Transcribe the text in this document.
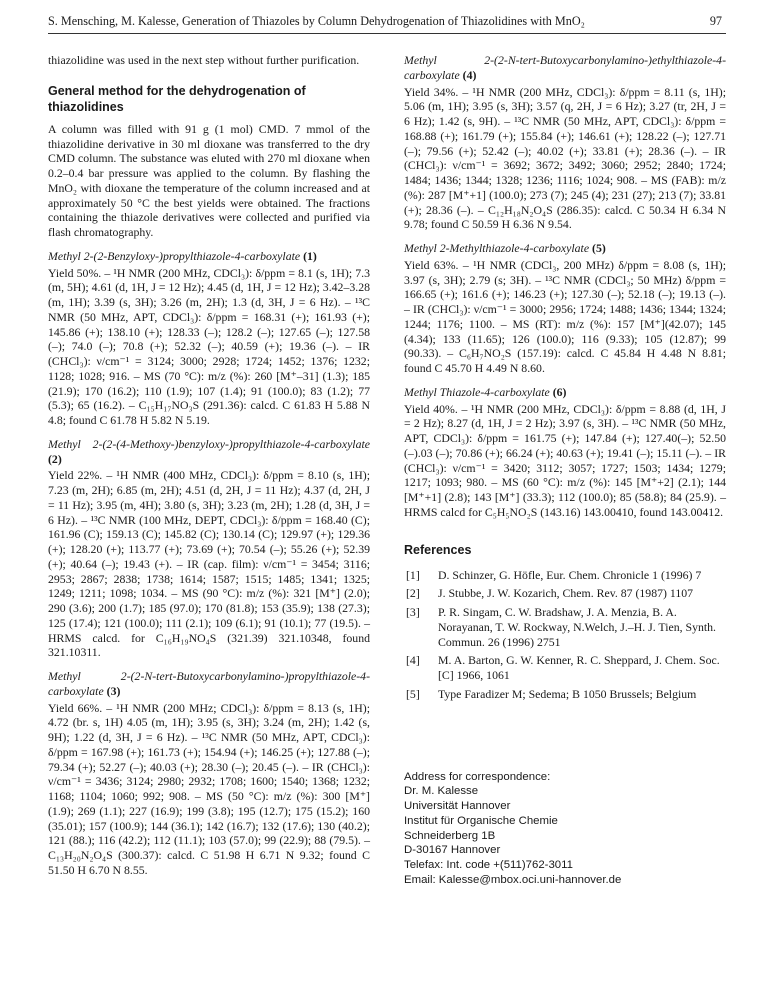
S. Mensching, M. Kalesse, Generation of Thiazoles by Column Dehydrogenation of Thiazolidines with MnO₂	97

thiazolidine was used in the next step without further purification.

General method for the dehydrogenation of thiazolidines

A column was filled with 91 g (1 mol) CMD. 7 mmol of the thiazolidine derivative in 30 ml dioxane was transferred to the dry CMD column. The substance was eluted with 270 ml dioxane when 0.2–0.4 bar pressure was applied to the column. By flashing the MnO₂ with dioxane the temperature of the column increased and at approximately 50 °C the best yields were obtained. The fractions containing the thiazole derivatives were collected and purified via flash chromatography.

Methyl 2-(2-Benzyloxy-)propylthiazole-4-carboxylate (1)

Yield 50%. – ¹H NMR (200 MHz, CDCl₃): δ/ppm = 8.1 (s, 1H); 7.3 (m, 5H); 4.61 (d, 1H, J = 12 Hz); 4.45 (d, 1H, J = 12 Hz); 3.42–3.28 (m, 1H); 3.39 (s, 3H); 3.26 (m, 2H); 1.3 (d, 3H, J = 6 Hz). – ¹³C NMR (50 MHz, APT, CDCl₃): δ/ppm = 168.31 (+); 161.93 (+); 145.86 (+); 138.10 (+); 128.33 (–); 128.2 (–); 127.65 (–); 127.58 (–); 74.0 (–); 70.8 (+); 52.32 (–); 40.59 (+); 19.36 (–). – IR (CHCl₃): ν/cm⁻¹ = 3124; 3000; 2928; 1724; 1452; 1376; 1232; 1128; 1028; 916. – MS (70 °C): m/z (%): 260 [M⁺–31] (1.3); 185 (21.9); 170 (16.2); 110 (1.9); 107 (1.4); 91 (100.0); 83 (1.2); 77 (5.3); 65 (16.2). – C₁₅H₁₇NO₃S (291.36): calcd. C 61.83 H 5.88 N 4.8; found C 61.78 H 5.82 N 5.19.

Methyl 2-(2-(4-Methoxy-)benzyloxy-)propylthiazole-4-carboxylate (2)

Yield 22%. – ¹H NMR (400 MHz, CDCl₃): δ/ppm = 8.10 (s, 1H); 7.23 (m, 2H); 6.85 (m, 2H); 4.51 (d, 2H, J = 11 Hz); 4.37 (d, 2H, J = 11 Hz); 3.95 (m, 4H); 3.80 (s, 3H); 3.23 (m, 2H); 1.28 (d, 3H, J = 6 Hz). – ¹³C NMR (100 MHz, DEPT, CDCl₃): δ/ppm = 168.40 (C); 161.96 (C); 159.13 (C); 145.82 (C); 130.14 (C); 129.97 (+); 129.36 (+); 128.20 (+); 113.77 (+); 73.69 (+); 70.54 (–); 55.26 (+); 52.39 (+); 40.64 (–); 19.43 (+). – IR (cap. film): ν/cm⁻¹ = 3454; 3116; 2953; 2867; 2838; 1738; 1614; 1587; 1515; 1485; 1341; 1325; 1249; 1211; 1098; 1034. – MS (90 °C): m/z (%): 321 [M⁺] (2.0); 290 (3.6); 200 (1.7); 185 (97.0); 170 (81.8); 153 (35.9); 138 (27.3); 125 (17.4); 121 (100.0); 111 (2.1); 109 (6.1); 91 (10.1); 77 (19.5). – HRMS calcd. for C₁₆H₁₉NO₄S (321.39) 321.10348, found 321.10311.

Methyl 2-(2-N-tert-Butoxycarbonylamino-)propylthiazole-4-carboxylate (3)

Yield 66%. – ¹H NMR (200 MHz; CDCl₃): δ/ppm = 8.13 (s, 1H); 4.72 (br. s, 1H) 4.05 (m, 1H); 3.95 (s, 3H); 3.24 (m, 2H); 1.42 (s, 9H); 1.22 (d, 3H, J = 6 Hz). – ¹³C NMR (50 MHz, APT, CDCl₃): δ/ppm = 167.98 (+); 161.73 (+); 154.94 (+); 146.25 (+); 127.88 (–); 79.34 (+); 52.27 (–); 40.03 (+); 28.30 (–); 20.45 (–). – IR (CHCl₃): ν/cm⁻¹ = 3436; 3124; 2980; 2932; 1708; 1600; 1540; 1368; 1232; 1168; 1104; 1060; 992; 908. – MS (50 °C): m/z (%): 300 [M⁺] (1.9); 269 (1.1); 227 (16.9); 199 (3.8); 195 (12.7); 175 (15.2); 160 (35.01); 157 (100.9); 144 (36.1); 142 (16.7); 132 (17.6); 130 (40.2); 121 (88.); 116 (42.2); 112 (11.1); 103 (57.0); 99 (22.9); 88 (79.5). – C₁₃H₂₀N₂O₄S (300.37): calcd. C 51.98 H 6.71 N 9.32; found C 51.50 H 6.70 N 8.55.

Methyl 2-(2-N-tert-Butoxycarbonylamino-)ethylthiazole-4-carboxylate (4)

Yield 34%. – ¹H NMR (200 MHz, CDCl₃): δ/ppm = 8.11 (s, 1H); 5.06 (m, 1H); 3.95 (s, 3H); 3.57 (q, 2H, J = 6 Hz); 3.27 (tr, 2H, J = 6 Hz); 1.42 (s, 9H). – ¹³C NMR (50 MHz, APT, CDCl₃): δ/ppm = 168.88 (+); 161.79 (+); 155.84 (+); 146.61 (+); 128.22 (–); 127.71 (–); 79.56 (+); 52.42 (–); 40.02 (+); 33.81 (+); 28.36 (–). – IR (CHCl₃): ν/cm⁻¹ = 3692; 3672; 3492; 3060; 2952; 2840; 1724; 1484; 1436; 1344; 1328; 1236; 1116; 1024; 908. – MS (FAB): m/z (%): 287 [M⁺+1] (100.0); 273 (7); 245 (4); 231 (27); 213 (7); 33.81 (+); 28.36 (–). – C₁₂H₁₈N₂O₄S (286.35): calcd. C 50.34 H 6.34 N 9.78; found C 50.59 H 6.36 N 9.54.

Methyl 2-Methylthiazole-4-carboxylate (5)

Yield 63%. – ¹H NMR (CDCl₃, 200 MHz) δ/ppm = 8.08 (s, 1H); 3.97 (s, 3H); 2.79 (s; 3H). – ¹³C NMR (CDCl₃; 50 MHz) δ/ppm = 166.65 (+); 161.6 (+); 146.23 (+); 127.30 (–); 52.18 (–); 19.13 (–). – IR (CHCl₃): ν/cm⁻¹ = 3000; 2956; 1724; 1488; 1436; 1344; 1324; 1244; 1176; 1100. – MS (RT): m/z (%): 157 [M⁺](42.07); 145 (4.34); 133 (11.65); 126 (100.0); 116 (9.33); 105 (12.87); 99 (90.33). – C₆H₇NO₂S (157.19): calcd. C 45.84 H 4.48 N 8.81; found C 45.70 H 4.49 N 8.60.

Methyl Thiazole-4-carboxylate (6)

Yield 40%. – ¹H NMR (200 MHz, CDCl₃): δ/ppm = 8.88 (d, 1H, J = 2 Hz); 8.27 (d, 1H, J = 2 Hz); 3.97 (s, 3H). – ¹³C NMR (50 MHz, APT, CDCl₃): δ/ppm = 161.75 (+); 147.84 (+); 127.40(–); 52.50 (–).03 (–); 70.86 (+); 66.24 (+); 40.63 (+); 19.41 (–); 15.11 (–). – IR (CHCl₃): ν/cm⁻¹ = 3420; 3112; 3057; 1727; 1503; 1434; 1279; 1217; 1093; 980. – MS (60 °C): m/z (%): 145 [M⁺+2] (2.1); 144 [M⁺+1] (2.8); 143 [M⁺] (33.3); 112 (100.0); 85 (58.8); 84 (25.9). – HRMS calcd for C₅H₅NO₂S (143.16) 143.00410, found 143.00412.

References
[1]	D. Schinzer, G. Höfle, Eur. Chem. Chronicle 1 (1996) 7
[2]	J. Stubbe, J. W. Kozarich, Chem. Rev. 87 (1987) 1107
[3]	P. R. Singam, C. W. Bradshaw, J. A. Menzia, B. A. Norayanan, T. W. Rockway, N.Welch, J.–H. J. Tien, Synth. Commun. 26 (1996) 2751
[4]	M. A. Barton, G. W. Kenner, R. C. Sheppard, J. Chem. Soc. [C] 1966, 1061
[5]	Type Faradizer M; Sedema; B 1050 Brussels; Belgium
Address for correspondence:
Dr. M. Kalesse
Universität Hannover
Institut für Organische Chemie
Schneiderberg 1B
D-30167 Hannover
Telefax: Int. code +(511)762-3011
Email: Kalesse@mbox.oci.uni-hannover.de
